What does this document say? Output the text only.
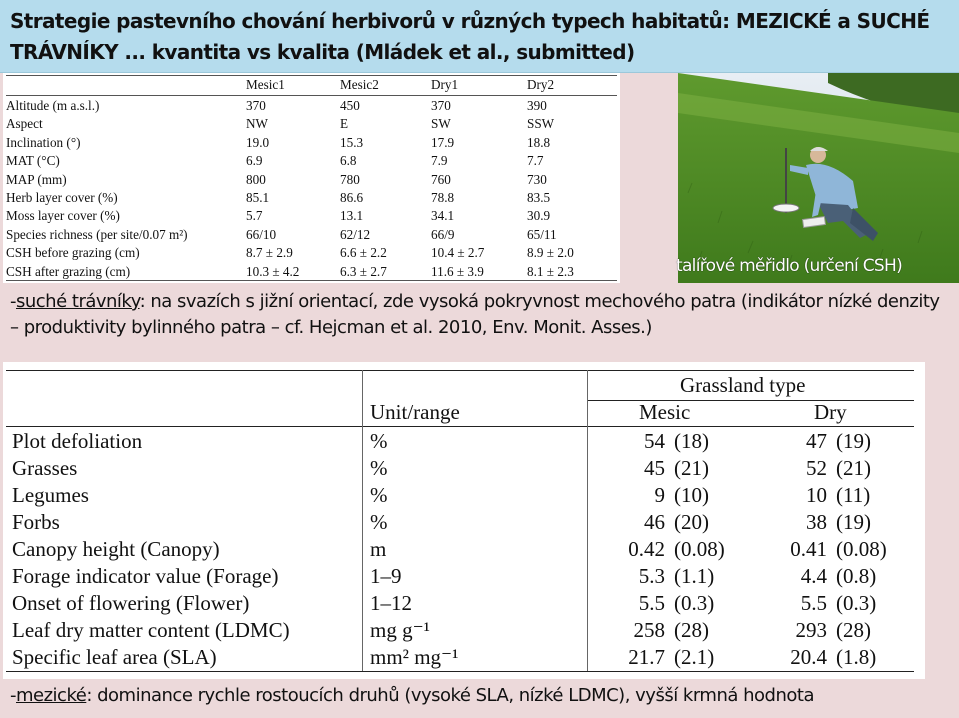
Strategie pastevního chování herbivorů v různých typech habitatů: MEZICKÉ a SUCHÉ
TRÁVNÍKY ... kvantita vs kvalita (Mládek et al., submitted)
Mesic1	Mesic2	Dry1	Dry2
Altitude (m a.s.l.)	370	450	370	390
Aspect	NW	E	SW	SSW
Inclination (°)	19.0	15.3	17.9	18.8
MAT (°C)	6.9	6.8	7.9	7.7
MAP (mm)	800	780	760	730
Herb layer cover (%)	85.1	86.6	78.8	83.5
Moss layer cover (%)	5.7	13.1	34.1	30.9
Species richness (per site/0.07 m²)	66/10	62/12	66/9	65/11
CSH before grazing (cm)	8.7 ± 2.9	6.6 ± 2.2	10.4 ± 2.7	8.9 ± 2.0
CSH after grazing (cm)	10.3 ± 4.2	6.3 ± 2.7	11.6 ± 3.9	8.1 ± 2.3	talířové měřidlo (určení CSH)
-suché trávníky: na svazích s jižní orientací, zde vysoká pokryvnost mechového patra (indikátor nízké denzity – produktivity bylinného patra – cf. Hejcman et al. 2010, Env. Monit. Asses.)
Grassland type
Unit/range	Mesic	Dry
Plot defoliation	%	54 (18)	47 (19)
Grasses	%	45 (21)	52 (21)
Legumes	%	9 (10)	10 (11)
Forbs	%	46 (20)	38 (19)
Canopy height (Canopy)	m	0.42 (0.08)	0.41 (0.08)
Forage indicator value (Forage)	1–9	5.3 (1.1)	4.4 (0.8)
Onset of flowering (Flower)	1–12	5.5 (0.3)	5.5 (0.3)
Leaf dry matter content (LDMC)	mg g⁻¹	258 (28)	293 (28)
Specific leaf area (SLA)	mm² mg⁻¹	21.7 (2.1)	20.4 (1.8)
-mezické: dominance rychle rostoucích druhů (vysoké SLA, nízké LDMC), vyšší krmná hodnota
